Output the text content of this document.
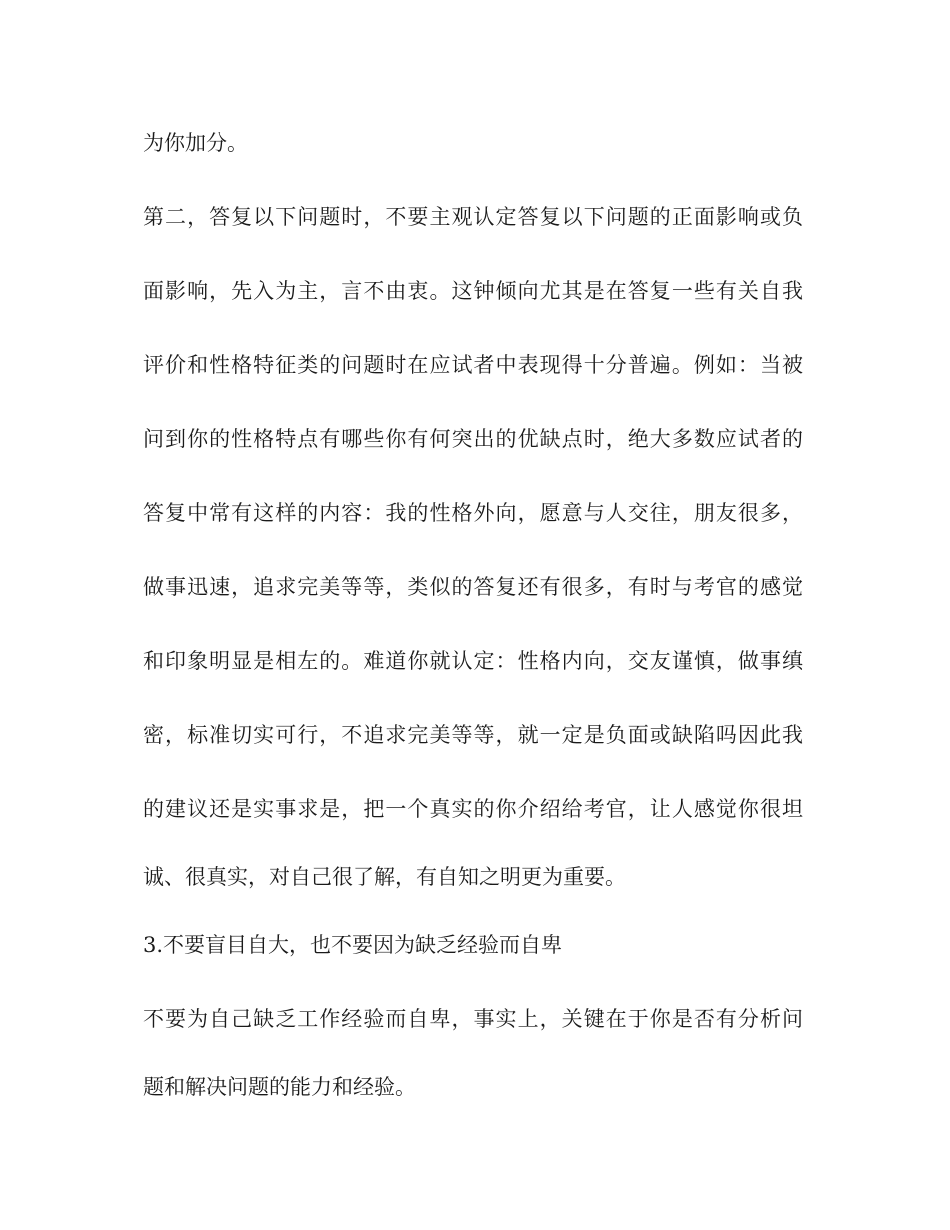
为你加分。
第二，答复以下问题时，不要主观认定答复以下问题的正面影响或负
面影响，先入为主，言不由衷。这钟倾向尤其是在答复一些有关自我
评价和性格特征类的问题时在应试者中表现得十分普遍。例如：当被
问到你的性格特点有哪些你有何突出的优缺点时，绝大多数应试者的
答复中常有这样的内容：我的性格外向，愿意与人交往，朋友很多，
做事迅速，追求完美等等，类似的答复还有很多，有时与考官的感觉
和印象明显是相左的。难道你就认定：性格内向，交友谨慎，做事缜
密，标准切实可行，不追求完美等等，就一定是负面或缺陷吗因此我
的建议还是实事求是，把一个真实的你介绍给考官，让人感觉你很坦
诚、很真实，对自己很了解，有自知之明更为重要。
3.不要盲目自大，也不要因为缺乏经验而自卑
不要为自己缺乏工作经验而自卑，事实上，关键在于你是否有分析问
题和解决问题的能力和经验。
